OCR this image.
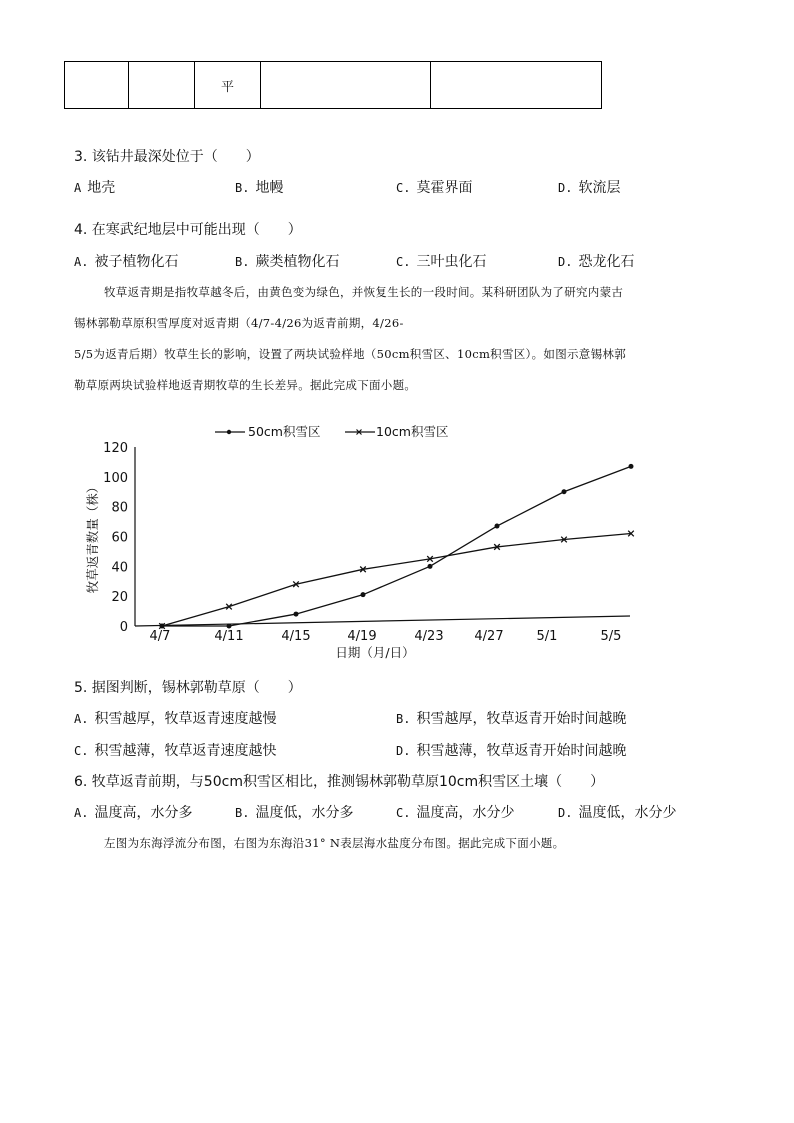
		平		
3. 该钻井最深处位于（　　）
A 地壳	B. 地幔	C. 莫霍界面	D. 软流层
4. 在寒武纪地层中可能出现（　　）
A. 被子植物化石	B. 蕨类植物化石	C. 三叶虫化石	D. 恐龙化石
牧草返青期是指牧草越冬后，由黄色变为绿色，并恢复生长的一段时间。某科研团队为了研究内蒙古
锡林郭勒草原积雪厚度对返青期（4/7-4/26为返青前期，4/26-
5/5为返青后期）牧草生长的影响，设置了两块试验样地（50cm积雪区、10cm积雪区）。如图示意锡林郭
勒草原两块试验样地返青期牧草的生长差异。据此完成下面小题。
50cm积雪区	10cm积雪区
0
20
40
60
80
100
120
4/7	4/11	4/15	4/19	4/23 4/27	5/1	5/5
牧草返青数量（株）
日期（月/日）
5. 据图判断，锡林郭勒草原（　　）
A. 积雪越厚，牧草返青速度越慢	B. 积雪越厚，牧草返青开始时间越晚
C. 积雪越薄，牧草返青速度越快	D. 积雪越薄，牧草返青开始时间越晚
6. 牧草返青前期，与50cm积雪区相比，推测锡林郭勒草原10cm积雪区土壤（　　）
A. 温度高，水分多	B. 温度低，水分多	C. 温度高，水分少	D. 温度低，水分少
左图为东海浮流分布图，右图为东海沿31° N表层海水盐度分布图。据此完成下面小题。
